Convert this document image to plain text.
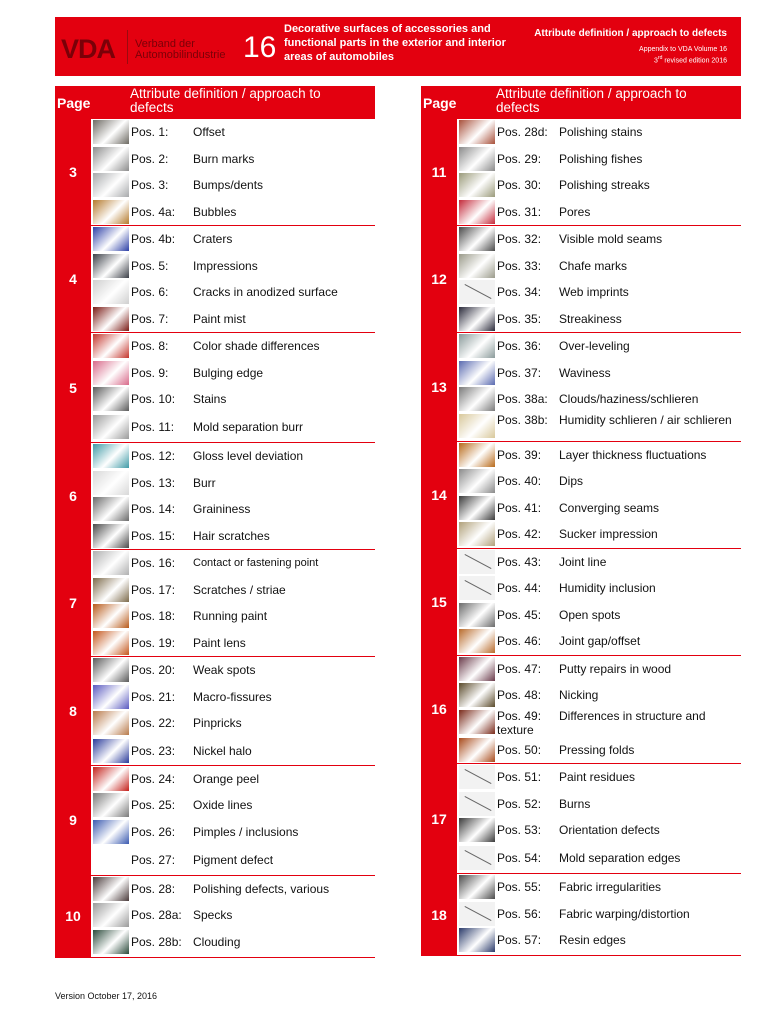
VDA Verband der
Automobilindustrie 16
Decorative surfaces of accessories and functional parts in the exterior and interior areas of automobiles
Attribute definition / approach to defects
Appendix to VDA Volume 16
3rd revised edition 2016
Page
Attribute definition / approach to defects
3
Pos. 1: Offset
Pos. 2: Burn marks
Pos. 3: Bumps/dents
Pos. 4a: Bubbles
4
Pos. 4b: Craters
Pos. 5: Impressions
Pos. 6: Cracks in anodized surface
Pos. 7: Paint mist
5
Pos. 8: Color shade differences
Pos. 9: Bulging edge
Pos. 10: Stains
Pos. 11: Mold separation burr
6
Pos. 12: Gloss level deviation
Pos. 13: Burr
Pos. 14: Graininess
Pos. 15: Hair scratches
7
Pos. 16: Contact or fastening point
Pos. 17: Scratches / striae
Pos. 18: Running paint
Pos. 19: Paint lens
8
Pos. 20: Weak spots
Pos. 21: Macro-fissures
Pos. 22: Pinpricks
Pos. 23: Nickel halo
9
Pos. 24: Orange peel
Pos. 25: Oxide lines
Pos. 26: Pimples / inclusions
Pos. 27: Pigment defect
10
Pos. 28: Polishing defects, various
Pos. 28a: Specks
Pos. 28b: Clouding
Page
Attribute definition / approach to defects
11
Pos. 28d: Polishing stains
Pos. 29: Polishing fishes
Pos. 30: Polishing streaks
Pos. 31: Pores
12
Pos. 32: Visible mold seams
Pos. 33: Chafe marks
Pos. 34: Web imprints
Pos. 35: Streakiness
13
Pos. 36: Over-leveling
Pos. 37: Waviness
Pos. 38a: Clouds/haziness/schlieren
Pos. 38b: Humidity schlieren / air schlieren
14
Pos. 39: Layer thickness fluctuations
Pos. 40: Dips
Pos. 41: Converging seams
Pos. 42: Sucker impression
15
Pos. 43: Joint line
Pos. 44: Humidity inclusion
Pos. 45: Open spots
Pos. 46: Joint gap/offset
16
Pos. 47: Putty repairs in wood
Pos. 48: Nicking
Pos. 49:	Differences in structure and texture
Pos. 50: Pressing folds
17
Pos. 51: Paint residues
Pos. 52: Burns
Pos. 53: Orientation defects
Pos. 54: Mold separation edges
18
Pos. 55: Fabric irregularities
Pos. 56: Fabric warping/distortion
Pos. 57: Resin edges
Version October 17, 2016
